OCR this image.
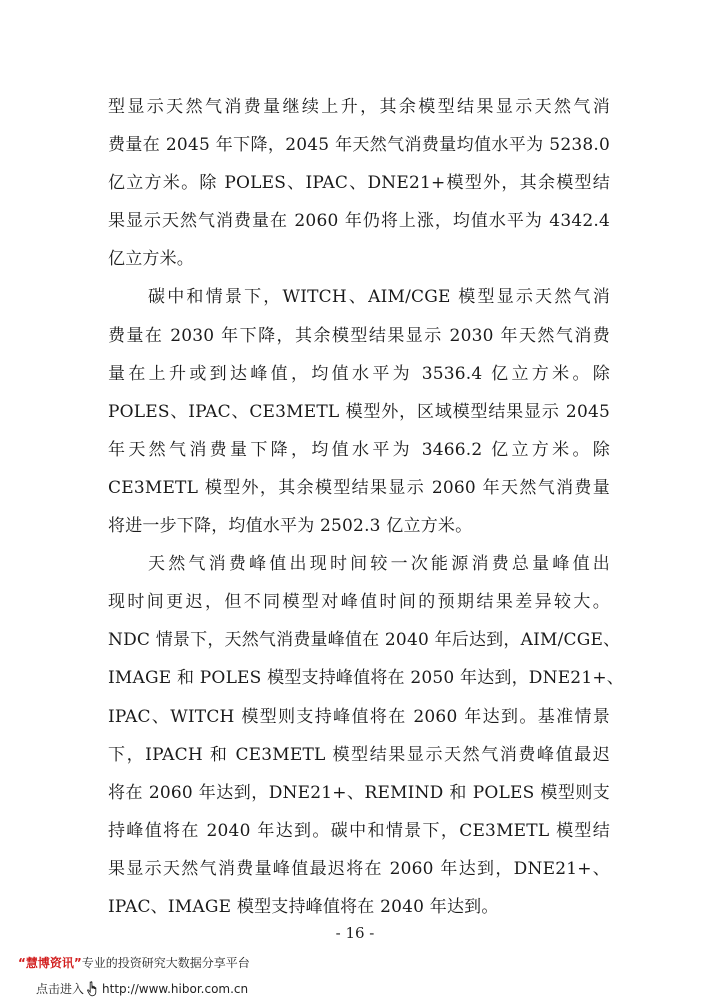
型显示天然气消费量继续上升，其余模型结果显示天然气消
费量在 2045 年下降，2045 年天然气消费量均值水平为 5238.0
亿立方米。除 POLES、IPAC、DNE21+模型外，其余模型结
果显示天然气消费量在 2060 年仍将上涨，均值水平为 4342.4
亿立方米。
碳中和情景下，WITCH、AIM/CGE 模型显示天然气消
费量在 2030 年下降，其余模型结果显示 2030 年天然气消费
量在上升或到达峰值，均值水平为 3536.4 亿立方米。除
POLES、IPAC、CE3METL 模型外，区域模型结果显示 2045
年天然气消费量下降，均值水平为 3466.2 亿立方米。除
CE3METL 模型外，其余模型结果显示 2060 年天然气消费量
将进一步下降，均值水平为 2502.3 亿立方米。
天然气消费峰值出现时间较一次能源消费总量峰值出
现时间更迟，但不同模型对峰值时间的预期结果差异较大。
NDC 情景下，天然气消费量峰值在 2040 年后达到，AIM/CGE、
IMAGE 和 POLES 模型支持峰值将在 2050 年达到，DNE21+、
IPAC、WITCH 模型则支持峰值将在 2060 年达到。基准情景
下，IPACH 和 CE3METL 模型结果显示天然气消费峰值最迟
将在 2060 年达到，DNE21+、REMIND 和 POLES 模型则支
持峰值将在 2040 年达到。碳中和情景下，CE3METL 模型结
果显示天然气消费量峰值最迟将在 2060 年达到，DNE21+、
IPAC、IMAGE 模型支持峰值将在 2040 年达到。
- 16 -
“慧博资讯”专业的投资研究大数据分享平台
点击进入 http://www.hibor.com.cn
